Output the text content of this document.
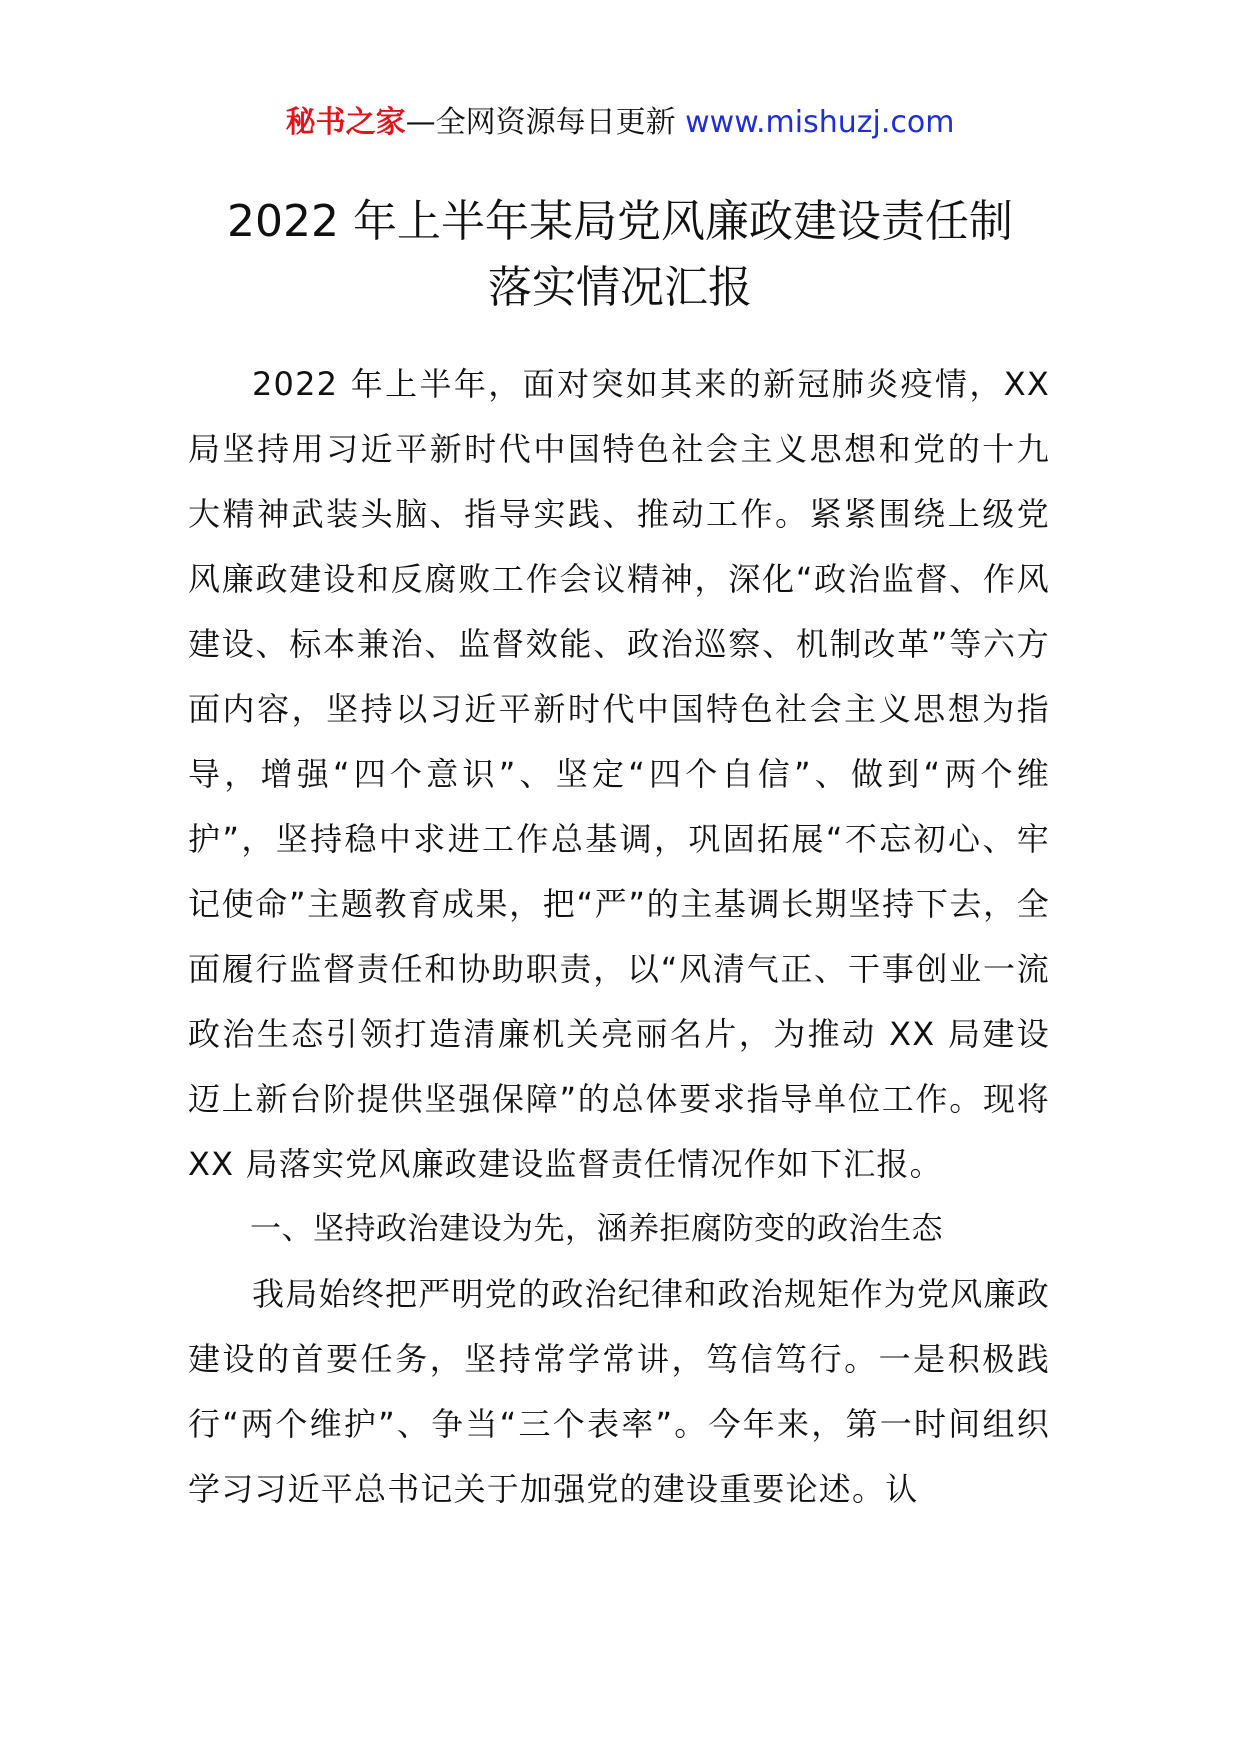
秘书之家—全网资源每日更新 www.mishuzj.com
2022 年上半年某局党风廉政建设责任制
落实情况汇报

2022 年上半年，面对突如其来的新冠肺炎疫情，XX 局坚持用习近平新时代中国特色社会主义思想和党的十九大精神武装头脑、指导实践、推动工作。紧紧围绕上级党风廉政建设和反腐败工作会议精神，深化“政治监督、作风建设、标本兼治、监督效能、政治巡察、机制改革”等六方面内容，坚持以习近平新时代中国特色社会主义思想为指导，增强“四个意识”、坚定“四个自信”、做到“两个维护”，坚持稳中求进工作总基调，巩固拓展“不忘初心、牢记使命”主题教育成果，把“严”的主基调长期坚持下去，全面履行监督责任和协助职责，以“风清气正、干事创业一流政治生态引领打造清廉机关亮丽名片，为推动 XX 局建设迈上新台阶提供坚强保障”的总体要求指导单位工作。现将 XX 局落实党风廉政建设监督责任情况作如下汇报。

一、坚持政治建设为先，涵养拒腐防变的政治生态

我局始终把严明党的政治纪律和政治规矩作为党风廉政建设的首要任务，坚持常学常讲，笃信笃行。一是积极践行“两个维护”、争当“三个表率”。今年来，第一时间组织学习习近平总书记关于加强党的建设重要论述。认
